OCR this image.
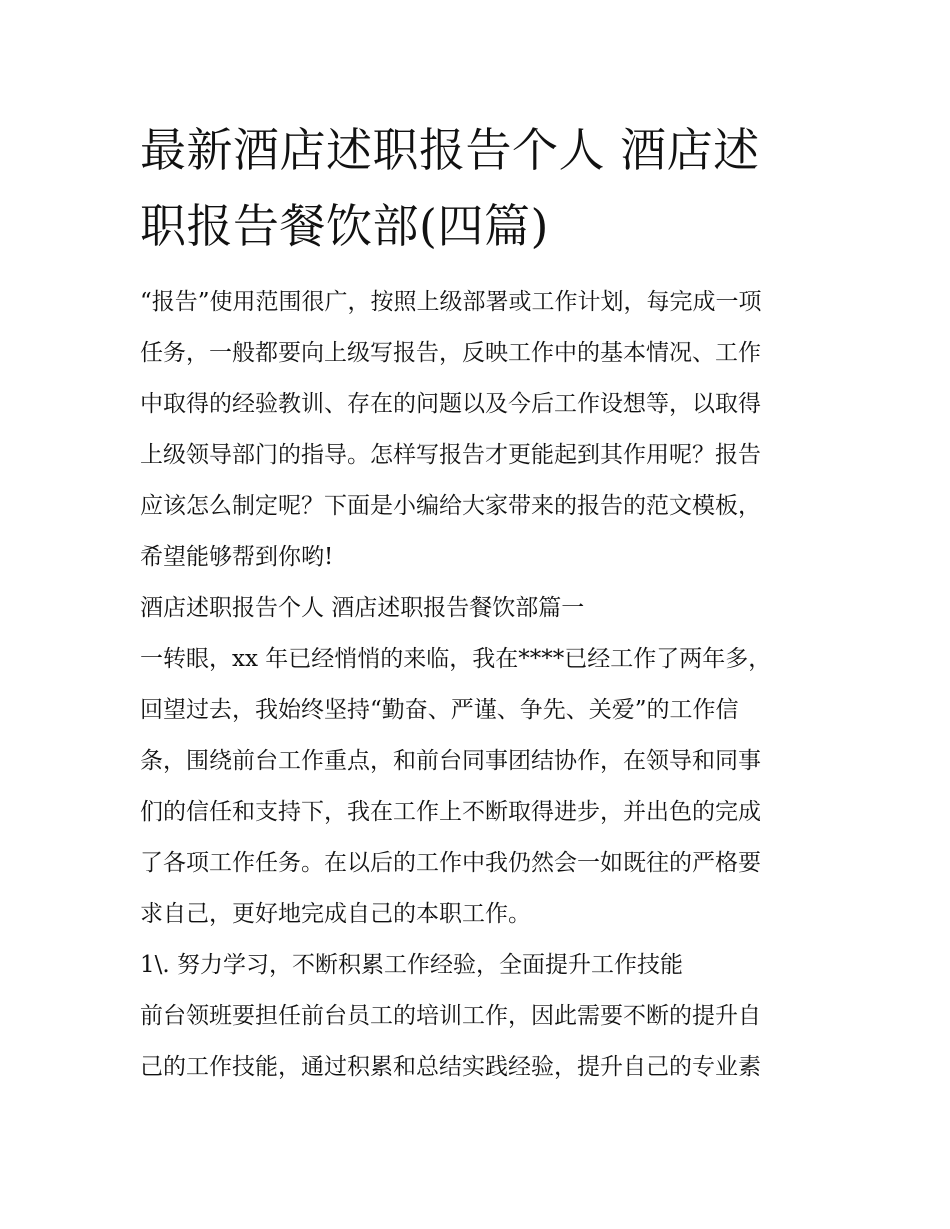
最新酒店述职报告个人 酒店述
职报告餐饮部(四篇)

“报告”使用范围很广，按照上级部署或工作计划，每完成一项
任务，一般都要向上级写报告，反映工作中的基本情况、工作
中取得的经验教训、存在的问题以及今后工作设想等，以取得
上级领导部门的指导。怎样写报告才更能起到其作用呢？报告
应该怎么制定呢？下面是小编给大家带来的报告的范文模板，
希望能够帮到你哟!

酒店述职报告个人 酒店述职报告餐饮部篇一

一转眼，xx 年已经悄悄的来临，我在****已经工作了两年多，
回望过去，我始终坚持“勤奋、严谨、争先、关爱”的工作信
条，围绕前台工作重点，和前台同事团结协作，在领导和同事
们的信任和支持下，我在工作上不断取得进步，并出色的完成
了各项工作任务。在以后的工作中我仍然会一如既往的严格要
求自己，更好地完成自己的本职工作。

1\. 努力学习，不断积累工作经验，全面提升工作技能

前台领班要担任前台员工的培训工作，因此需要不断的提升自
己的工作技能，通过积累和总结实践经验，提升自己的专业素
